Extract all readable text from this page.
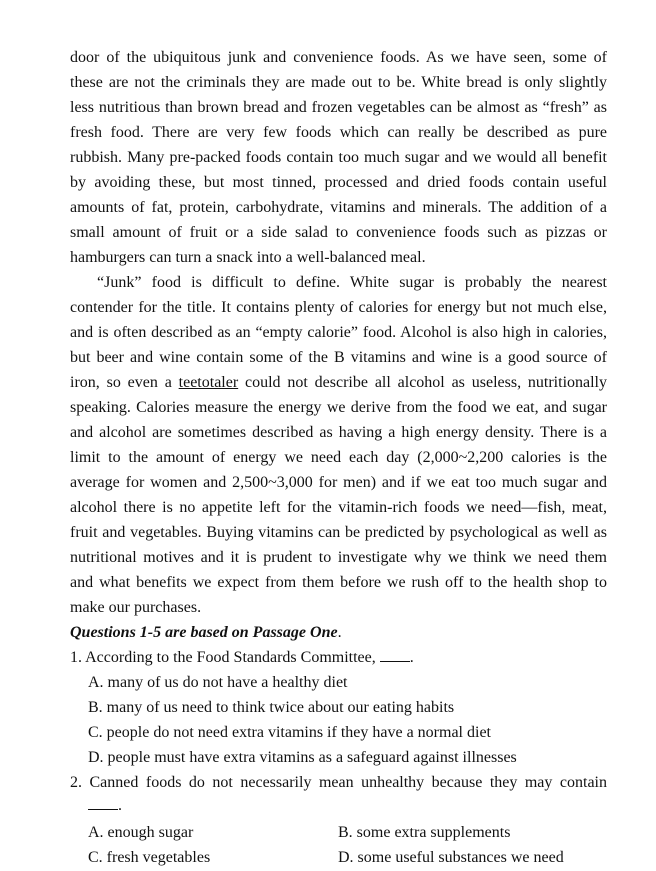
door of the ubiquitous junk and convenience foods. As we have seen, some of
these are not the criminals they are made out to be. White bread is only slightly
less nutritious than brown bread and frozen vegetables can be almost as “fresh” as
fresh food. There are very few foods which can really be described as pure
rubbish. Many pre-packed foods contain too much sugar and we would all benefit
by avoiding these, but most tinned, processed and dried foods contain useful
amounts of fat, protein, carbohydrate, vitamins and minerals. The addition of a
small amount of fruit or a side salad to convenience foods such as pizzas or
hamburgers can turn a snack into a well-balanced meal.
“Junk” food is difficult to define. White sugar is probably the nearest
contender for the title. It contains plenty of calories for energy but not much else,
and is often described as an “empty calorie” food. Alcohol is also high in calories,
but beer and wine contain some of the B vitamins and wine is a good source of
iron, so even a teetotaler could not describe all alcohol as useless, nutritionally
speaking. Calories measure the energy we derive from the food we eat, and sugar
and alcohol are sometimes described as having a high energy density. There is a
limit to the amount of energy we need each day (2,000~2,200 calories is the
average for women and 2,500~3,000 for men) and if we eat too much sugar and
alcohol there is no appetite left for the vitamin-rich foods we need—fish, meat,
fruit and vegetables. Buying vitamins can be predicted by psychological as well as
nutritional motives and it is prudent to investigate why we think we need them
and what benefits we expect from them before we rush off to the health shop to
make our purchases.
Questions 1-5 are based on Passage One.
1. According to the Food Standards Committee, .
A. many of us do not have a healthy diet
B. many of us need to think twice about our eating habits
C. people do not need extra vitamins if they have a normal diet
D. people must have extra vitamins as a safeguard against illnesses
2. Canned foods do not necessarily mean unhealthy because they may contain
.
A. enough sugar	B. some extra supplements
C. fresh vegetables	D. some useful substances we need
